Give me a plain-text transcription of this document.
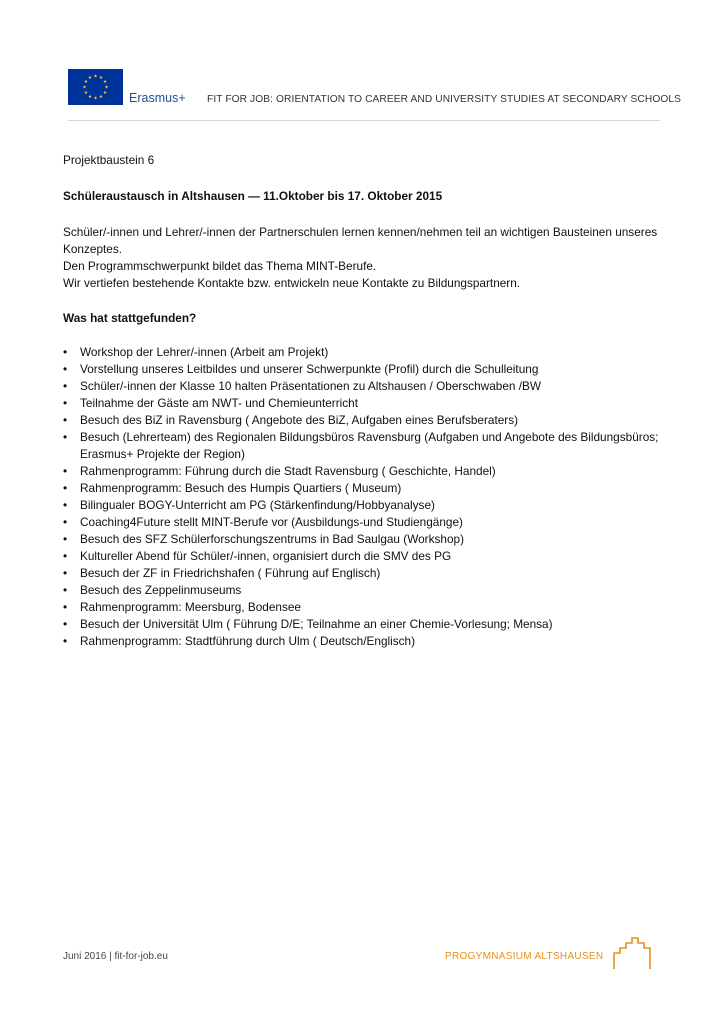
Erasmus+ FIT FOR JOB: ORIENTATION TO CAREER AND UNIVERSITY STUDIES AT SECONDARY SCHOOLS

Projektbaustein 6

Schüleraustausch in Altshausen — 11.Oktober bis 17. Oktober 2015

Schüler/-innen und Lehrer/-innen der Partnerschulen lernen kennen/nehmen teil an wichtigen Bausteinen unseres Konzeptes.

Den Programmschwerpunkt bildet das Thema MINT-Berufe.

Wir vertiefen bestehende Kontakte bzw. entwickeln neue Kontakte zu Bildungspartnern.

Was hat stattgefunden?

• Workshop der Lehrer/-innen (Arbeit am Projekt)
• Vorstellung unseres Leitbildes und unserer Schwerpunkte (Profil) durch die Schulleitung
• Schüler/-innen der Klasse 10 halten Präsentationen zu Altshausen / Oberschwaben /BW
• Teilnahme der Gäste am NWT- und Chemieunterricht
• Besuch des BiZ in Ravensburg ( Angebote des BiZ, Aufgaben eines Berufsberaters)
• Besuch (Lehrerteam) des Regionalen Bildungsbüros Ravensburg (Aufgaben und Angebote des Bildungsbüros; Erasmus+ Projekte der Region)
• Rahmenprogramm: Führung durch die Stadt Ravensburg ( Geschichte, Handel)
• Rahmenprogramm: Besuch des Humpis Quartiers ( Museum)
• Bilingualer BOGY-Unterricht am PG (Stärkenfindung/Hobbyanalyse)
• Coaching4Future stellt MINT-Berufe vor (Ausbildungs-und Studiengänge)
• Besuch des SFZ Schülerforschungszentrums in Bad Saulgau (Workshop)
• Kultureller Abend für Schüler/-innen, organisiert durch die SMV des PG
• Besuch der ZF in Friedrichshafen ( Führung auf Englisch)
• Besuch des Zeppelinmuseums
• Rahmenprogramm: Meersburg, Bodensee
• Besuch der Universität Ulm ( Führung D/E; Teilnahme an einer Chemie-Vorlesung; Mensa)
• Rahmenprogramm: Stadtführung durch Ulm ( Deutsch/Englisch)
Juni 2016 | fit-for-job.eu	PROGYMNASIUM ALTSHAUSEN
